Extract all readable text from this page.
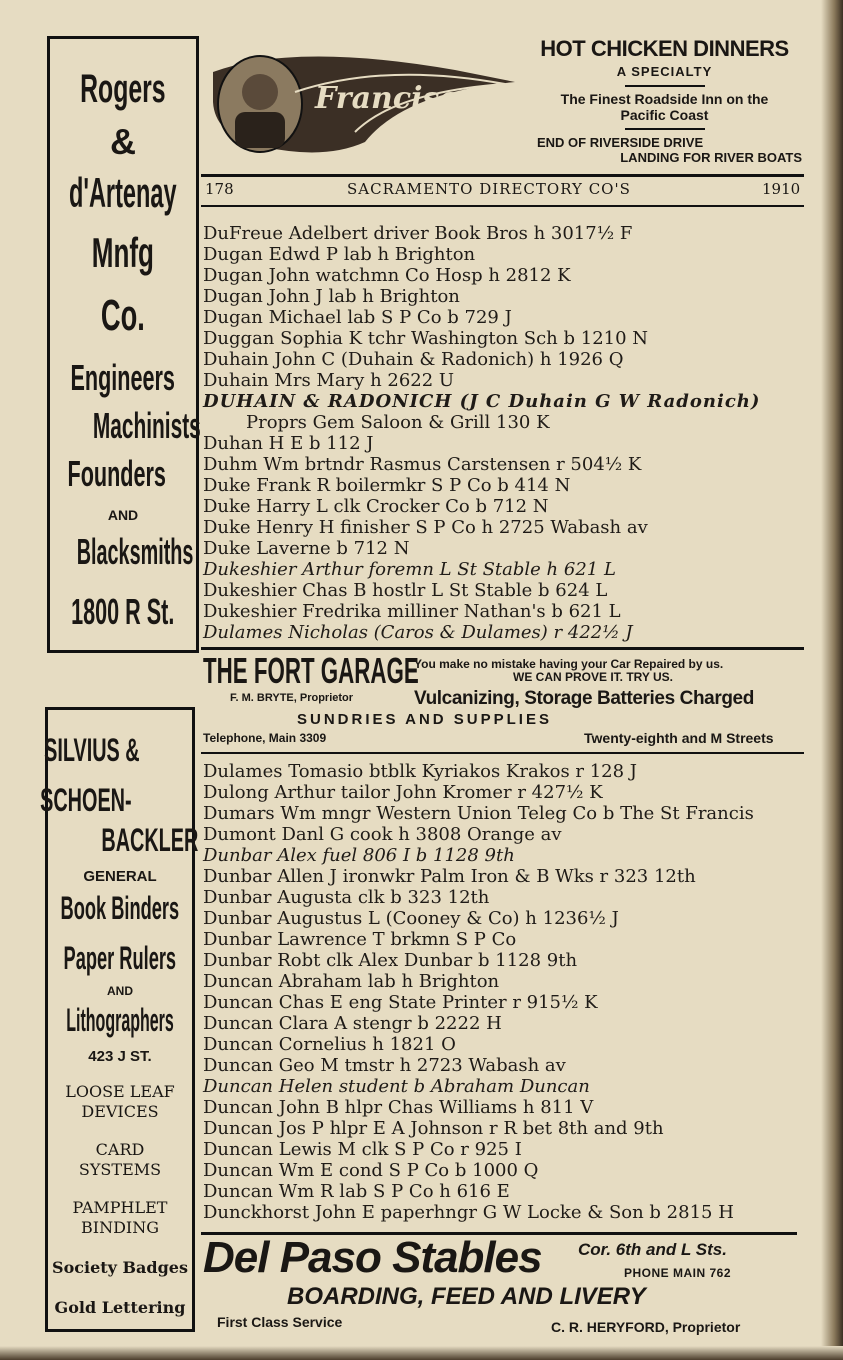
Rogers
&
d'Artenay
Mnfg
Co.
Engineers
Machinists
Founders
AND
Blacksmiths
1800 R St.
SILVIUS &
SCHOEN-
BACKLER
GENERAL
Book Binders
Paper Rulers
AND
Lithographers
423 J ST.
LOOSE LEAF
DEVICES
CARD
SYSTEMS
PAMPHLET
BINDING
Society Badges
Gold Lettering
Francisco's Inn
HOT CHICKEN DINNERS
A SPECIALTY
The Finest Roadside Inn on the
Pacific Coast
END OF RIVERSIDE DRIVE
LANDING FOR RIVER BOATS
178	SACRAMENTO DIRECTORY CO'S	1910
DuFreue Adelbert driver Book Bros h 3017½ F
Dugan Edwd P lab h Brighton
Dugan John watchmn Co Hosp h 2812 K
Dugan John J lab h Brighton
Dugan Michael lab S P Co b 729 J
Duggan Sophia K tchr Washington Sch b 1210 N
Duhain John C (Duhain & Radonich) h 1926 Q
Duhain Mrs Mary h 2622 U
DUHAIN & RADONICH (J C Duhain G W Radonich)
Proprs Gem Saloon & Grill 130 K
Duhan H E b 112 J
Duhm Wm brtndr Rasmus Carstensen r 504½ K
Duke Frank R boilermkr S P Co b 414 N
Duke Harry L clk Crocker Co b 712 N
Duke Henry H finisher S P Co h 2725 Wabash av
Duke Laverne b 712 N
Dukeshier Arthur foremn L St Stable h 621 L
Dukeshier Chas B hostlr L St Stable b 624 L
Dukeshier Fredrika milliner Nathan's b 621 L
Dulames Nicholas (Caros & Dulames) r 422½ J
THE FORT GARAGE
You make no mistake having your Car Repaired by us.
WE CAN PROVE IT. TRY US.
F. M. BRYTE, Proprietor	Vulcanizing, Storage Batteries Charged
SUNDRIES AND SUPPLIES
Telephone, Main 3309	Twenty-eighth and M Streets
Dulames Tomasio btblk Kyriakos Krakos r 128 J
Dulong Arthur tailor John Kromer r 427½ K
Dumars Wm mngr Western Union Teleg Co b The St Francis
Dumont Danl G cook h 3808 Orange av
Dunbar Alex fuel 806 I b 1128 9th
Dunbar Allen J ironwkr Palm Iron & B Wks r 323 12th
Dunbar Augusta clk b 323 12th
Dunbar Augustus L (Cooney & Co) h 1236½ J
Dunbar Lawrence T brkmn S P Co
Dunbar Robt clk Alex Dunbar b 1128 9th
Duncan Abraham lab h Brighton
Duncan Chas E eng State Printer r 915½ K
Duncan Clara A stengr b 2222 H
Duncan Cornelius h 1821 O
Duncan Geo M tmstr h 2723 Wabash av
Duncan Helen student b Abraham Duncan
Duncan John B hlpr Chas Williams h 811 V
Duncan Jos P hlpr E A Johnson r R bet 8th and 9th
Duncan Lewis M clk S P Co r 925 I
Duncan Wm E cond S P Co b 1000 Q
Duncan Wm R lab S P Co h 616 E
Dunckhorst John E paperhngr G W Locke & Son b 2815 H
Del Paso Stables Cor. 6th and L Sts.
PHONE MAIN 762
BOARDING, FEED AND LIVERY
First Class Service	C. R. HERYFORD, Proprietor
